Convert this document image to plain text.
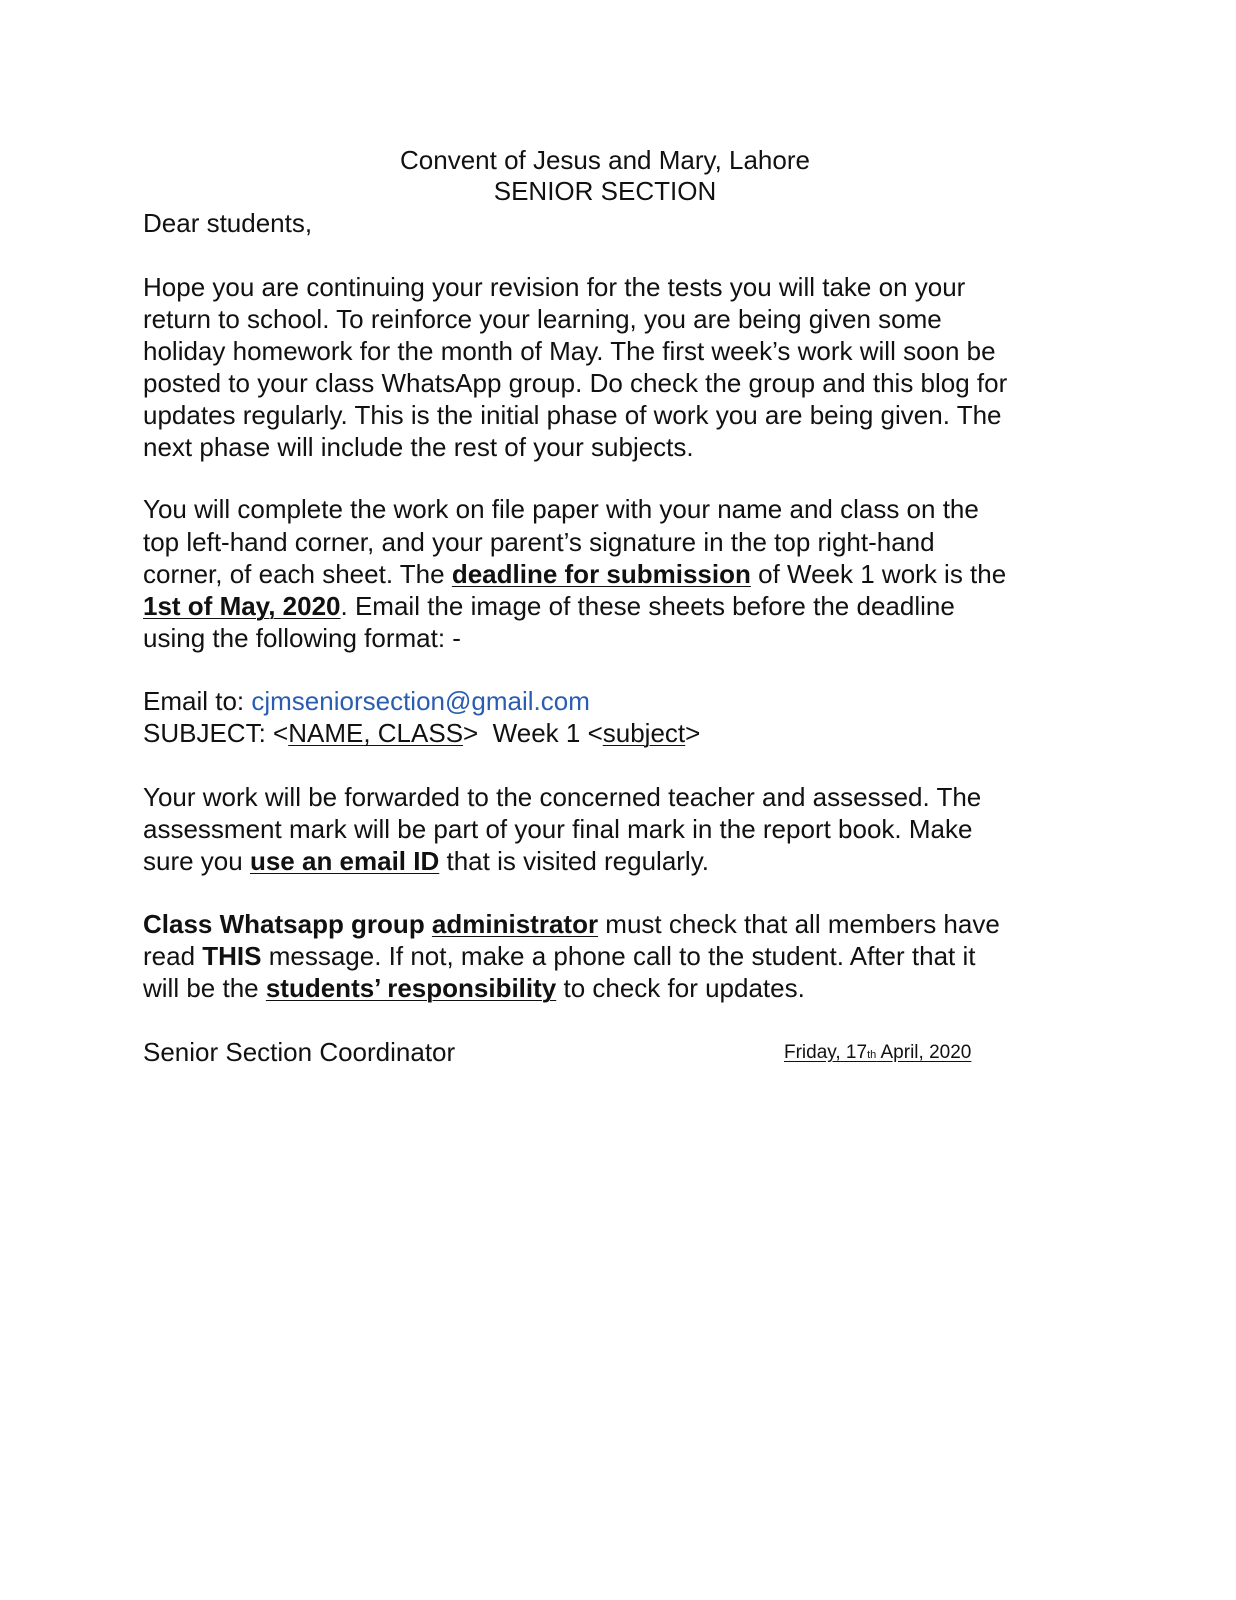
Convent of Jesus and Mary, Lahore
SENIOR SECTION
Dear students,
Hope you are continuing your revision for the tests you will take on your
return to school. To reinforce your learning, you are being given some
holiday homework for the month of May. The first week’s work will soon be
posted to your class WhatsApp group. Do check the group and this blog for
updates regularly. This is the initial phase of work you are being given. The
next phase will include the rest of your subjects.
You will complete the work on file paper with your name and class on the
top left-hand corner, and your parent’s signature in the top right-hand
corner, of each sheet. The deadline for submission of Week 1 work is the
1st of May, 2020. Email the image of these sheets before the deadline
using the following format: -
Email to: cjmseniorsection@gmail.com
SUBJECT: <NAME, CLASS>  Week 1 <subject>
Your work will be forwarded to the concerned teacher and assessed. The
assessment mark will be part of your final mark in the report book. Make
sure you use an email ID that is visited regularly.
Class Whatsapp group administrator must check that all members have
read THIS message. If not, make a phone call to the student. After that it
will be the students’ responsibility to check for updates.
Senior Section Coordinator	Friday, 17th April, 2020
